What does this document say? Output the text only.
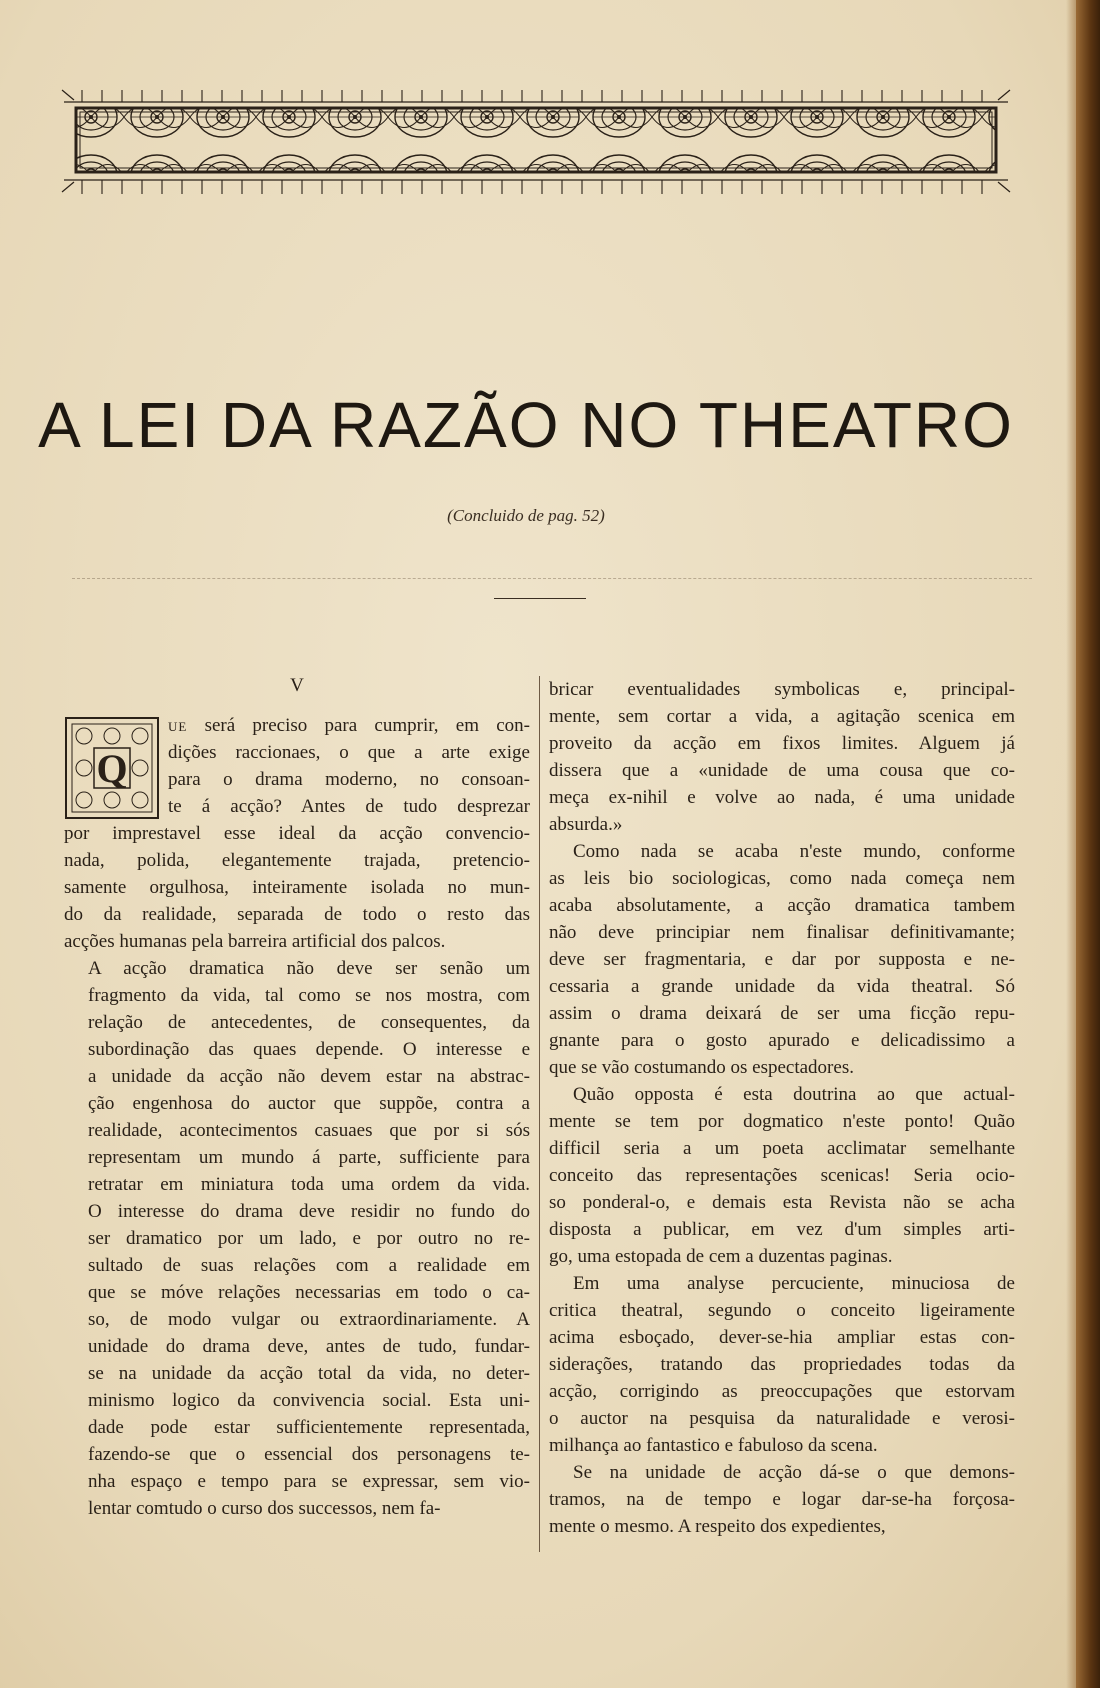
A LEI DA RAZÃO NO THEATRO
(Concluido de pag. 52)
V
Q
UE será preciso para cumprir, em con-
dições raccionaes, o que a arte exige
para o drama moderno, no consoan-
te á acção? Antes de tudo desprezar
por imprestavel esse ideal da acção convencio-
nada, polida, elegantemente trajada, pretencio-
samente orgulhosa, inteiramente isolada no mun-
do da realidade, separada de todo o resto das
acções humanas pela barreira artificial dos palcos.
A acção dramatica não deve ser senão um
fragmento da vida, tal como se nos mostra, com
relação de antecedentes, de consequentes, da
subordinação das quaes depende. O interesse e
a unidade da acção não devem estar na abstrac-
ção engenhosa do auctor que suppõe, contra a
realidade, acontecimentos casuaes que por si sós
representam um mundo á parte, sufficiente para
retratar em miniatura toda uma ordem da vida.
O interesse do drama deve residir no fundo do
ser dramatico por um lado, e por outro no re-
sultado de suas relações com a realidade em
que se móve relações necessarias em todo o ca-
so, de modo vulgar ou extraordinariamente. A
unidade do drama deve, antes de tudo, fundar-
se na unidade da acção total da vida, no deter-
minismo logico da convivencia social. Esta uni-
dade pode estar sufficientemente representada,
fazendo-se que o essencial dos personagens te-
nha espaço e tempo para se expressar, sem vio-
lentar comtudo o curso dos successos, nem fa-
bricar eventualidades symbolicas e, principal-
mente, sem cortar a vida, a agitação scenica em
proveito da acção em fixos limites. Alguem já
dissera que a «unidade de uma cousa que co-
meça ex-nihil e volve ao nada, é uma unidade
absurda.»
Como nada se acaba n'este mundo, conforme
as leis bio sociologicas, como nada começa nem
acaba absolutamente, a acção dramatica tambem
não deve principiar nem finalisar definitivamante;
deve ser fragmentaria, e dar por supposta e ne-
cessaria a grande unidade da vida theatral. Só
assim o drama deixará de ser uma ficção repu-
gnante para o gosto apurado e delicadissimo a
que se vão costumando os espectadores.
Quão opposta é esta doutrina ao que actual-
mente se tem por dogmatico n'este ponto! Quão
difficil seria a um poeta acclimatar semelhante
conceito das representações scenicas! Seria ocio-
so ponderal-o, e demais esta Revista não se acha
disposta a publicar, em vez d'um simples arti-
go, uma estopada de cem a duzentas paginas.
Em uma analyse percuciente, minuciosa de
critica theatral, segundo o conceito ligeiramente
acima esboçado, dever-se-hia ampliar estas con-
siderações, tratando das propriedades todas da
acção, corrigindo as preoccupações que estorvam
o auctor na pesquisa da naturalidade e verosi-
milhança ao fantastico e fabuloso da scena.
Se na unidade de acção dá-se o que demons-
tramos, na de tempo e logar dar-se-ha forçosa-
mente o mesmo. A respeito dos expedientes,
